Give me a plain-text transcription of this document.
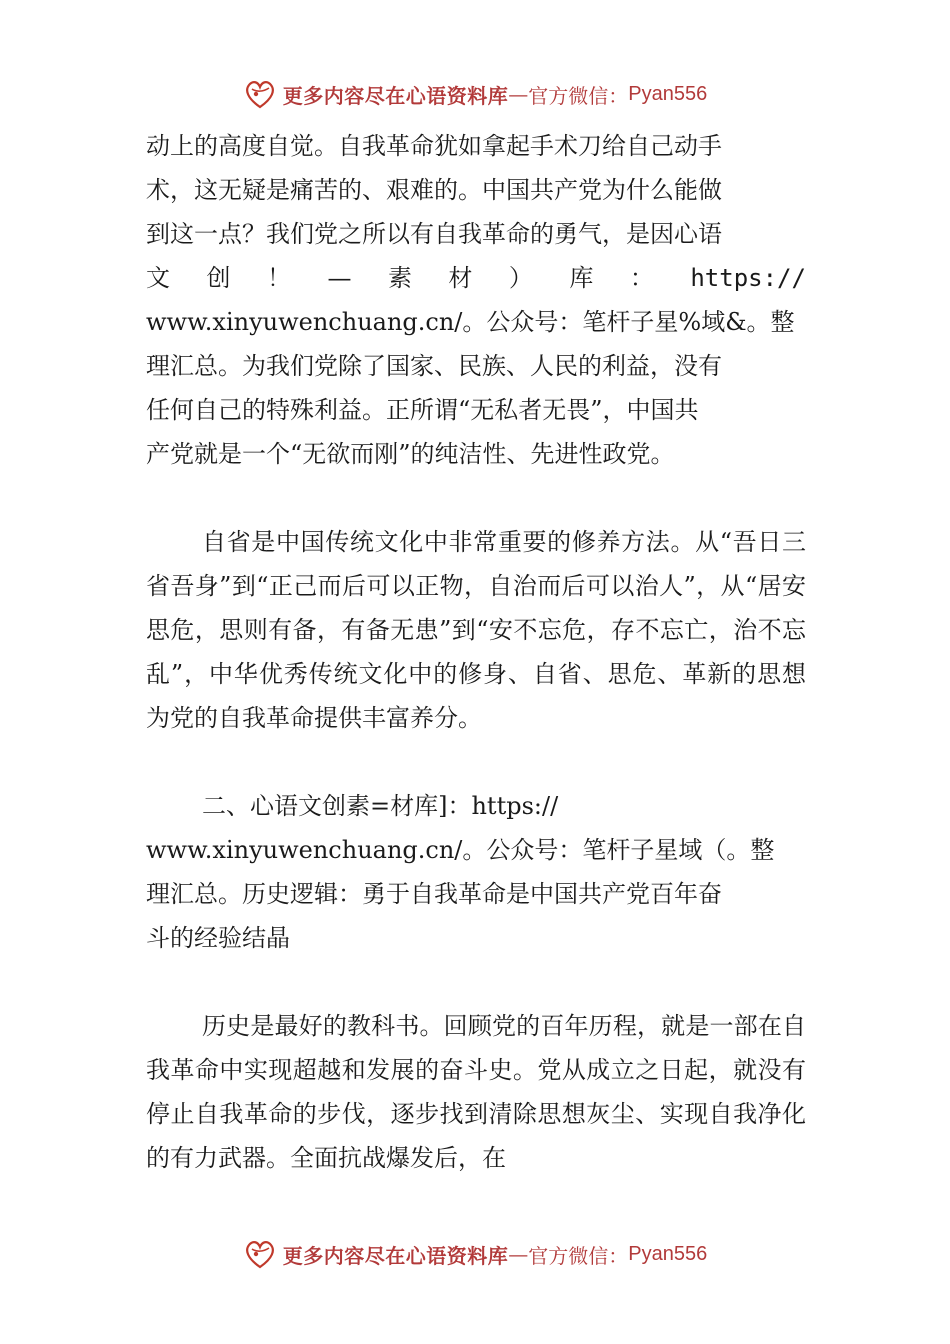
更多内容尽在心语资料库 — 官方微信： Pyan556
动上的高度自觉。自我革命犹如拿起手术刀给自己动手
术，这无疑是痛苦的、艰难的。中国共产党为什么能做
到这一点？我们党之所以有自我革命的勇气，是因心语
文 创 ！ — 素 材 ） 库 ： https://
www.xinyuwenchuang.cn/。公众号：笔杆子星%域&。整
理汇总。为我们党除了国家、民族、人民的利益，没有
任何自己的特殊利益。正所谓“无私者无畏”，中国共
产党就是一个“无欲而刚”的纯洁性、先进性政党。

自省是中国传统文化中非常重要的修养方法。从“吾日三省吾身”到“正己而后可以正物，自治而后可以治人”，从“居安思危，思则有备，有备无患”到“安不忘危，存不忘亡，治不忘乱”，中华优秀传统文化中的修身、自省、思危、革新的思想为党的自我革命提供丰富养分。

二、心语文创素=材库]：https://
www.xinyuwenchuang.cn/。公众号：笔杆子星域（。整
理汇总。历史逻辑：勇于自我革命是中国共产党百年奋
斗的经验结晶

历史是最好的教科书。回顾党的百年历程，就是一部在自我革命中实现超越和发展的奋斗史。党从成立之日起，就没有停止自我革命的步伐，逐步找到清除思想灰尘、实现自我净化的有力武器。全面抗战爆发后，在

更多内容尽在心语资料库 — 官方微信： Pyan556
